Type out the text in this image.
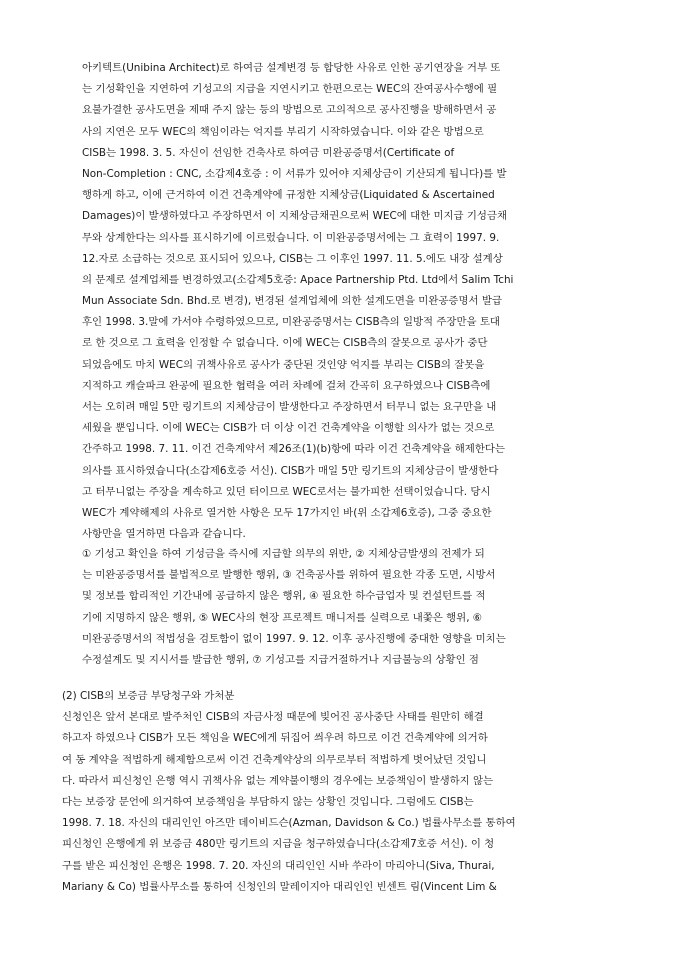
아키텍트(Unibina Architect)로 하여금 설계변경 등 합당한 사유로 인한 공기연장을 거부 또
는 기성확인을 지연하여 기성고의 지급을 지연시키고 한편으로는 WEC의 잔여공사수행에 필
요불가결한 공사도면을 제때 주지 않는 등의 방법으로 고의적으로 공사진행을 방해하면서 공
사의 지연은 모두 WEC의 책임이라는 억지를 부리기 시작하였습니다. 이와 같은 방법으로
CISB는 1998. 3. 5. 자신이 선임한 건축사로 하여금 미완공증명서(Certificate of
Non-Completion : CNC, 소갑제4호증 : 이 서류가 있어야 지체상금이 기산되게 됩니다)를 발
행하게 하고, 이에 근거하여 이건 건축계약에 규정한 지체상금(Liquidated & Ascertained
Damages)이 발생하였다고 주장하면서 이 지체상금채권으로써 WEC에 대한 미지급 기성금채
무와 상계한다는 의사를 표시하기에 이르렀습니다. 이 미완공증명서에는 그 효력이 1997. 9.
12.자로 소급하는 것으로 표시되어 있으나, CISB는 그 이후인 1997. 11. 5.에도 내장 설계상
의 문제로 설계업체를 변경하였고(소갑제5호증: Apace Partnership Ptd. Ltd에서 Salim Tchi
Mun Associate Sdn. Bhd.로 변경), 변경된 설계업체에 의한 설계도면을 미완공증명서 발급
후인 1998. 3.말에 가서야 수령하였으므로, 미완공증명서는 CISB측의 일방적 주장만을 토대
로 한 것으로 그 효력을 인정할 수 없습니다. 이에 WEC는 CISB측의 잘못으로 공사가 중단
되었음에도 마치 WEC의 귀책사유로 공사가 중단된 것인양 억지를 부리는 CISB의 잘못을
지적하고 캐슬파크 완공에 필요한 협력을 여러 차례에 걸쳐 간곡히 요구하였으나 CISB측에
서는 오히려 매일 5만 링기트의 지체상금이 발생한다고 주장하면서 터무니 없는 요구만을 내
세웠을 뿐입니다. 이에 WEC는 CISB가 더 이상 이건 건축계약을 이행할 의사가 없는 것으로
간주하고 1998. 7. 11. 이건 건축계약서 제26조(1)(b)항에 따라 이건 건축계약을 해제한다는
의사를 표시하였습니다(소갑제6호증 서신). CISB가 매일 5만 링기트의 지체상금이 발생한다
고 터무니없는 주장을 계속하고 있던 터이므로 WEC로서는 불가피한 선택이었습니다. 당시
WEC가 계약해제의 사유로 열거한 사항은 모두 17가지인 바(위 소갑제6호증), 그중 중요한
사항만을 열거하면 다음과 같습니다.
① 기성고 확인을 하여 기성금을 즉시에 지급할 의무의 위반, ② 지체상금발생의 전제가 되
는 미완공증명서를 불법적으로 발행한 행위, ③ 건축공사를 위하여 필요한 각종 도면, 시방서
및 정보를 합리적인 기간내에 공급하지 않은 행위, ④ 필요한 하수급업자 및 컨설턴트를 적
기에 지명하지 않은 행위, ⑤ WEC사의 현장 프로젝트 매니저를 실력으로 내쫓은 행위, ⑥
미완공증명서의 적법성을 검토함이 없이 1997. 9. 12. 이후 공사진행에 중대한 영향을 미치는
수정설계도 및 지시서를 발급한 행위, ⑦ 기성고를 지급거절하거나 지급불능의 상황인 점
(2) CISB의 보증금 부당청구와 가처분
신청인은 앞서 본대로 발주처인 CISB의 자금사정 때문에 빚어진 공사중단 사태를 원만히 해결
하고자 하였으나 CISB가 모든 책임을 WEC에게 뒤집어 씌우려 하므로 이건 건축계약에 의거하
여 동 계약을 적법하게 해제함으로써 이건 건축계약상의 의무로부터 적법하게 벗어났던 것입니
다. 따라서 피신청인 은행 역시 귀책사유 없는 계약불이행의 경우에는 보증책임이 발생하지 않는
다는 보증장 문언에 의거하여 보증책임을 부담하지 않는 상황인 것입니다. 그럼에도 CISB는
1998. 7. 18. 자신의 대리인인 아즈만 데이비드슨(Azman, Davidson & Co.) 법률사무소를 통하여
피신청인 은행에게 위 보증금 480만 링기트의 지급을 청구하였습니다(소갑제7호증 서신). 이 청
구를 받은 피신청인 은행은 1998. 7. 20. 자신의 대리인인 시바 쑤라이 마리아니(Siva, Thurai,
Mariany & Co) 법률사무소를 통하여 신청인의 말레이지아 대리인인 빈센트 림(Vincent Lim &
